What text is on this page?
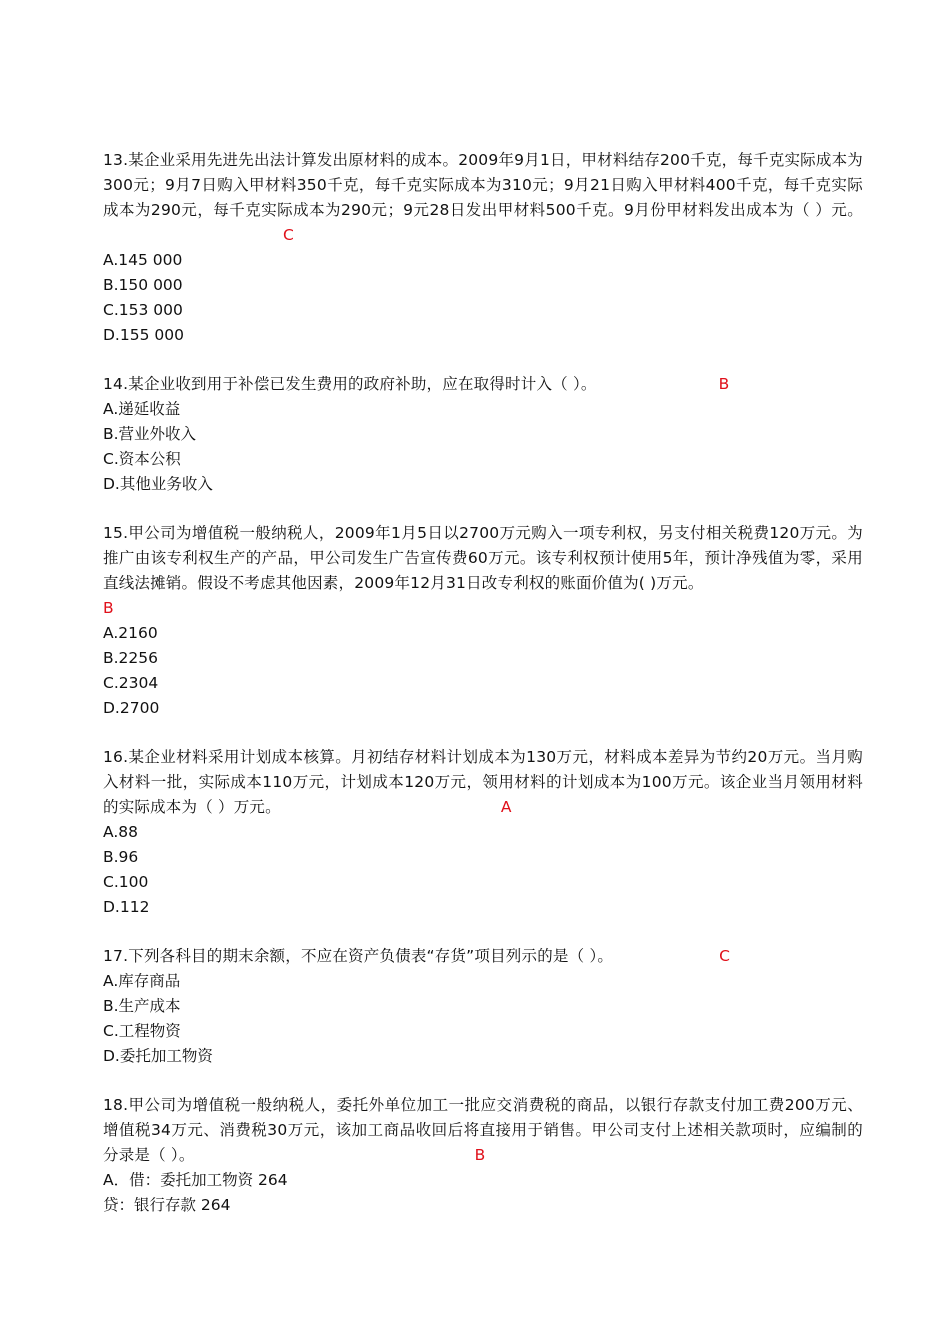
13.某企业采用先进先出法计算发出原材料的成本。2009年9月1日，甲材料结存200千克，每千克实际成本为300元；9月7日购入甲材料350千克，每千克实际成本为310元；9月21日购入甲材料400千克，每千克实际成本为290元，每千克实际成本为290元；9元28日发出甲材料500千克。9月份甲材料发出成本为（ ）元。C

A.145 000

B.150 000

C.153 000

D.155 000

14.某企业收到用于补偿已发生费用的政府补助，应在取得时计入（ ）。	B

A.递延收益

B.营业外收入

C.资本公积

D.其他业务收入

15.甲公司为增值税一般纳税人，2009年1月5日以2700万元购入一项专利权，另支付相关税费120万元。为推广由该专利权生产的产品，甲公司发生广告宣传费60万元。该专利权预计使用5年，预计净残值为零，采用直线法摊销。假设不考虑其他因素，2009年12月31日改专利权的账面价值为( )万元。

B

A.2160

B.2256

C.2304

D.2700

16.某企业材料采用计划成本核算。月初结存材料计划成本为130万元，材料成本差异为节约20万元。当月购入材料一批，实际成本110万元，计划成本120万元，领用材料的计划成本为100万元。该企业当月领用材料的实际成本为（ ）万元。	A

A.88

B.96

C.100

D.112

17.下列各科目的期末余额，不应在资产负债表“存货”项目列示的是（ ）。	C

A.库存商品

B.生产成本

C.工程物资

D.委托加工物资

18.甲公司为增值税一般纳税人，委托外单位加工一批应交消费税的商品，以银行存款支付加工费200万元、增值税34万元、消费税30万元，该加工商品收回后将直接用于销售。甲公司支付上述相关款项时，应编制的分录是（ ）。	B

A．借：委托加工物资 264

贷：银行存款 264
